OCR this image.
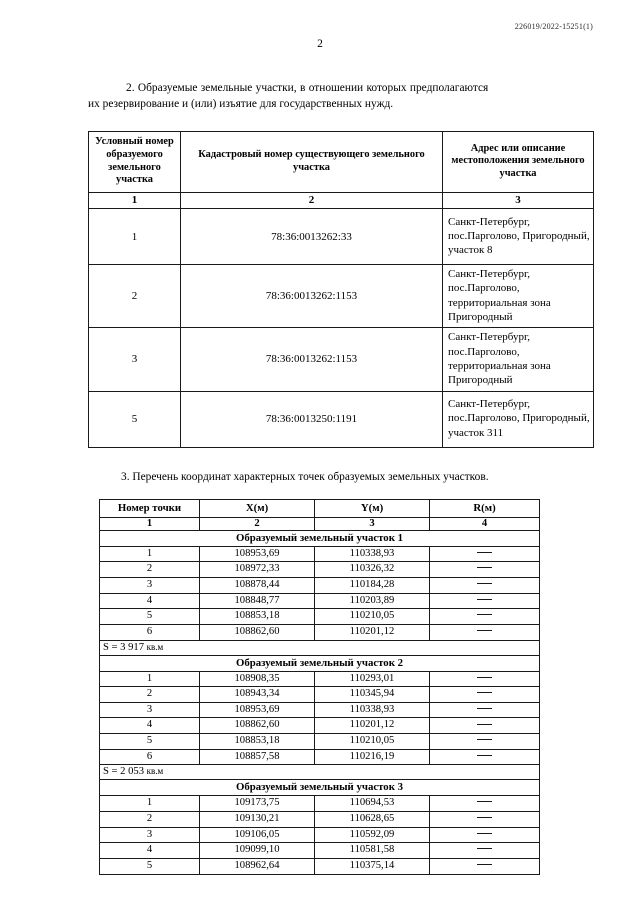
226019/2022-15251(1)
2

2. Образуемые земельные участки, в отношении которых предполагаются

их резервирование и (или) изъятие для государственных нужд.

Условный номер образуемого земельного участка	Кадастровый номер существующего земельного участка	Адрес или описание местоположения земельного участка
1	2	3
1	78:36:0013262:33	Санкт-Петербург, пос.Парголово, Пригородный, участок 8
2	78:36:0013262:1153	Санкт-Петербург, пос.Парголово, территориальная зона Пригородный
3	78:36:0013262:1153	Санкт-Петербург, пос.Парголово, территориальная зона Пригородный
5	78:36:0013250:1191	Санкт-Петербург, пос.Парголово, Пригородный, участок 311

3. Перечень координат характерных точек образуемых земельных участков.

Номер точки	X(м)	Y(м)	R(м)
1	2	3	4
Образуемый земельный участок 1			
1	108953,69	110338,93	
2	108972,33	110326,32	
3	108878,44	110184,28	
4	108848,77	110203,89	
5	108853,18	110210,05	
6	108862,60	110201,12	
S = 3 917 кв.м			
Образуемый земельный участок 2			
1	108908,35	110293,01	
2	108943,34	110345,94	
3	108953,69	110338,93	
4	108862,60	110201,12	
5	108853,18	110210,05	
6	108857,58	110216,19	
S = 2 053 кв.м			
Образуемый земельный участок 3			
1	109173,75	110694,53	
2	109130,21	110628,65	
3	109106,05	110592,09	
4	109099,10	110581,58	
5	108962,64	110375,14	
